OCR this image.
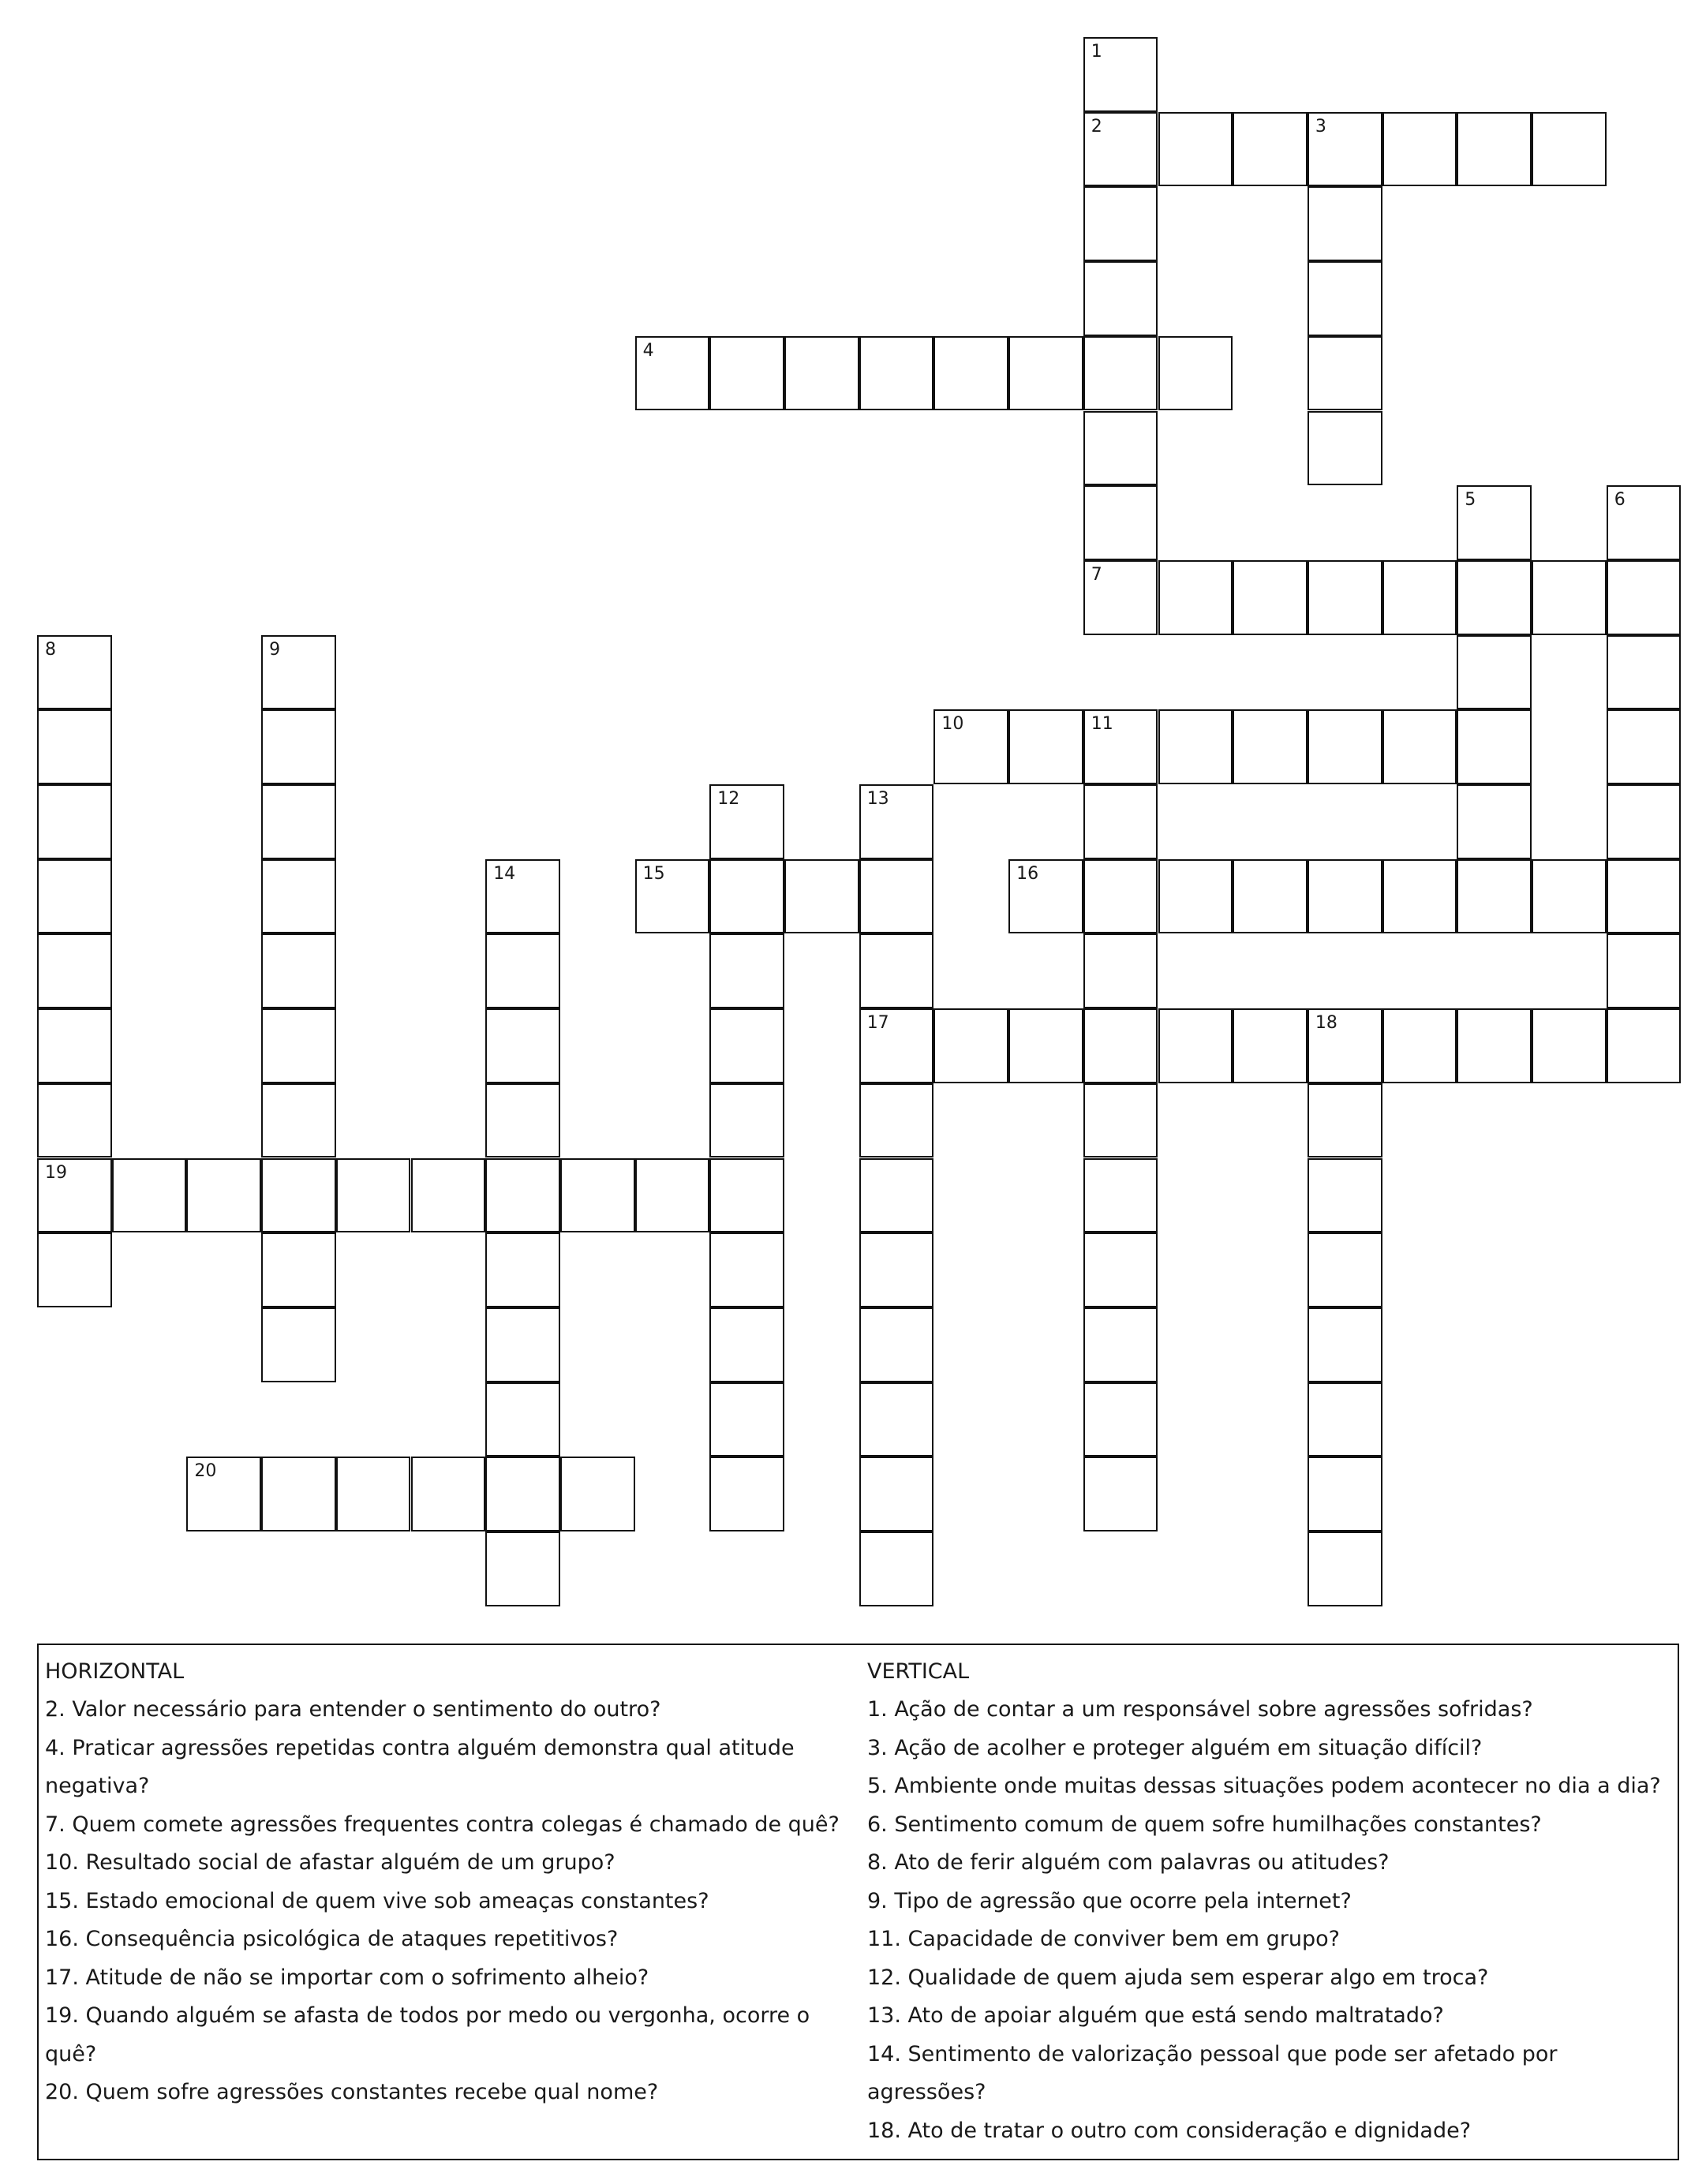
1
2	3
4
5	6
7
8	9
10	11
12	13
14	15	16
17	18
19
20
HORIZONTAL
2. Valor necessário para entender o sentimento do outro?
4. Praticar agressões repetidas contra alguém demonstra qual atitude negativa?
7. Quem comete agressões frequentes contra colegas é chamado de quê?
10. Resultado social de afastar alguém de um grupo?
15. Estado emocional de quem vive sob ameaças constantes?
16. Consequência psicológica de ataques repetitivos?
17. Atitude de não se importar com o sofrimento alheio?
19. Quando alguém se afasta de todos por medo ou vergonha, ocorre o quê?
20. Quem sofre agressões constantes recebe qual nome?
VERTICAL
1. Ação de contar a um responsável sobre agressões sofridas?
3. Ação de acolher e proteger alguém em situação difícil?
5. Ambiente onde muitas dessas situações podem acontecer no dia a dia?
6. Sentimento comum de quem sofre humilhações constantes?
8. Ato de ferir alguém com palavras ou atitudes?
9. Tipo de agressão que ocorre pela internet?
11. Capacidade de conviver bem em grupo?
12. Qualidade de quem ajuda sem esperar algo em troca?
13. Ato de apoiar alguém que está sendo maltratado?
14. Sentimento de valorização pessoal que pode ser afetado por agressões?
18. Ato de tratar o outro com consideração e dignidade?
